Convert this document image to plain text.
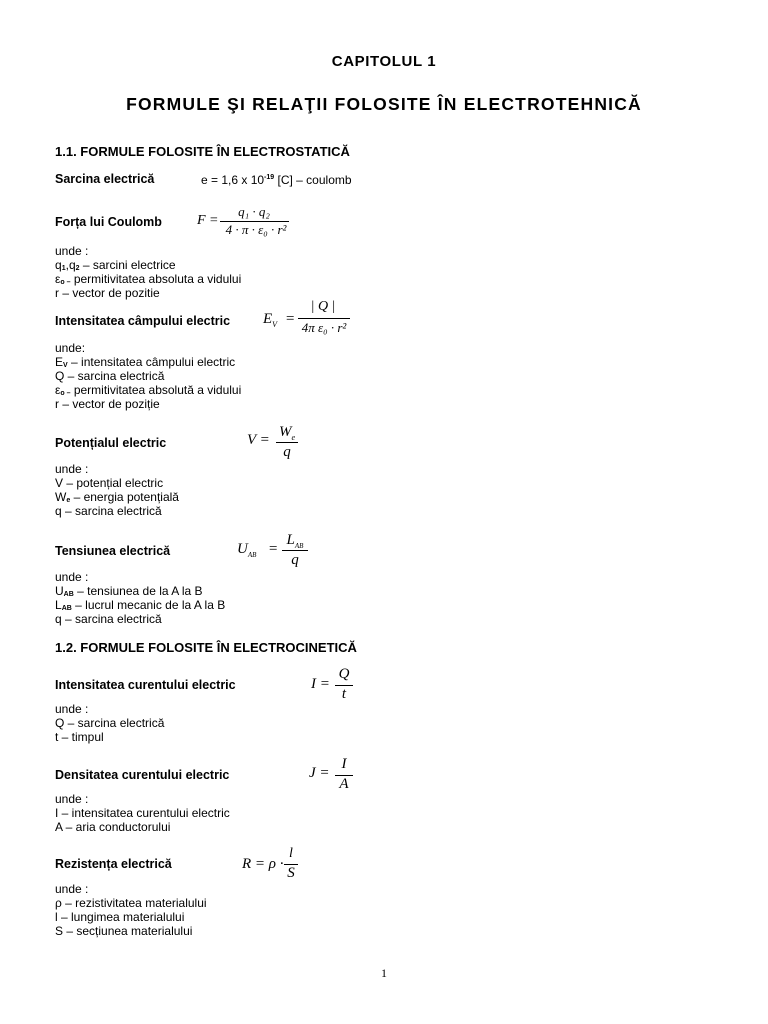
CAPITOLUL 1
FORMULE ŞI RELAŢII FOLOSITE ÎN ELECTROTEHNICĂ
1.1. FORMULE FOLOSITE ÎN ELECTROSTATICĂ
Sarcina electrică	e = 1,6 x $10^{-19}$ [C] – coulomb
Forța lui Coulomb	F =
q₁ · q₂
4 · π · ε₀ · r²
unde :
$q_1,q_2$ – sarcini electrice
$\varepsilon_{o -}$ permitivitatea absoluta a vidului
r – vector de pozitie
Intensitatea câmpului electric $E_V$ =
| Q |
4π ε₀ · r²
unde:
$E_V$ – intensitatea câmpului electric
Q – sarcina electrică
$\varepsilon_{o -}$ permitivitatea absolută a vidului
r – vector de poziție
Potențialul electric	$V = W_e$
q
unde :
V – potențial electric
$W_e$ – energia potențială
q – sarcina electrică
Tensiunea electrică	$U_{AB}$ =
$L_{AB}$
q
unde :
$U_{AB}$ – tensiunea de la A la B
$L_{AB}$ – lucrul mecanic de la A la B
q – sarcina electrică
1.2. FORMULE FOLOSITE ÎN ELECTROCINETICĂ
Intensitatea curentului electric	I =
Q
t
unde :
Q – sarcina electrică
t – timpul
Densitatea curentului electric	J =
I
A
unde :
I – intensitatea curentului electric
A – aria conductorului
Rezistența electrică	R = ρ ·
l
S
unde :
ρ – rezistivitatea materialului
l – lungimea materialului
S – secțiunea materialului
1
